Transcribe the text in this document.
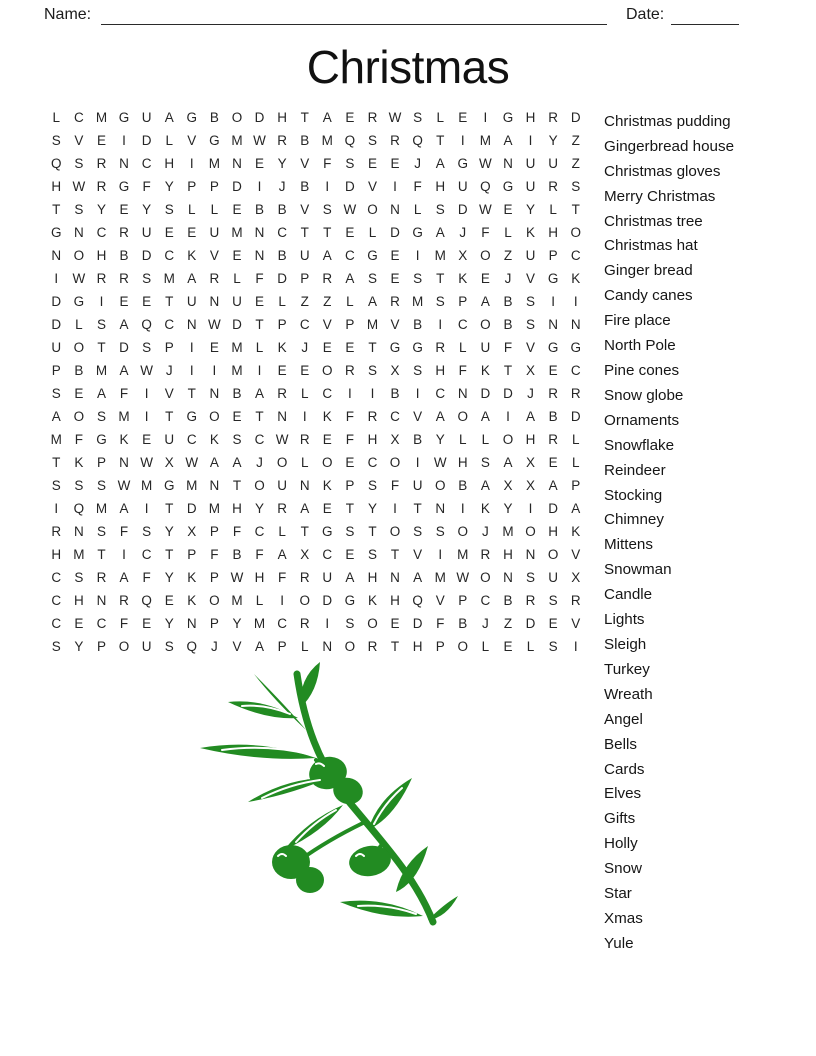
Name:	Date:
Christmas
L	C M G U A G B O D H	T	A	E R W S	L	E	I	G H R D
S	V	E	I	D	L	V G M W R B M Q S R Q T	I	M A	I	Y	Z
Q S R N C H	I	M N E	Y	V	F	S	E	E	J	A G W N U U	Z
H W R G F	Y	P	P D	I	J	B	I	D V	I	F	H U Q G U R S
T	S	Y	E	Y	S	L	L	E	B	B	V	S W O N	L	S D W E	Y	L	T
G N C R U E	E U M N C	T	T	E	L	D G A	J	F	L	K H O
N O H B D C K	V	E N B U A C G E	I	M X O Z	U P C
I	W R R S M A R	L	F	D P R A	S	E	S	T	K	E	J	V G K
D G	I	E	E	T	U N U E	L	Z	Z	L	A R M S	P	A	B	S	I	I
D	L	S	A Q C N W D	T	P C V	P M V	B	I	C O B	S N N
U O T	D S	P	I	E M L	K	J	E	E	T G G R	L	U	F	V G G
P	B M A W J	I	I	M	I	E	E O R S	X	S H	F	K	T	X	E C
S	E	A	F	I	V	T	N B	A R	L	C	I	I	B	I	C N D D	J	R R
A O S M	I	T G O E	T	N	I	K	F	R C V	A O A	I	A	B D
M F G K	E U C K	S C W R E	F	H X	B	Y	L	L	O H R	L
T	K	P N W X W A	A	J	O	L	O E C O	I	W H S	A	X	E	L
S	S	S W M G M N	T O U N K	P	S	F	U O B	A	X	X	A	P
I	Q M A	I	T	D M H Y R A	E	T	Y	I	T	N	I	K	Y	I	D A
R N S	F	S	Y	X	P	F	C	L	T G S	T O S	S O	J	M O H K
H M T	I	C	T	P	F	B	F	A	X C E	S	T	V	I	M R H N O V
C S R A	F	Y	K	P W H	F	R U A H N A M W O N S U X
C H N R Q E	K O M L	I	O D G K H Q V	P C B R S R
C E C	F	E	Y N P	Y M C R	I	S O E D	F	B	J	Z	D E	V
S	Y	P O U S Q	J	V	A	P	L	N O R	T	H P O	L	E	L	S	I
Christmas pudding
Gingerbread house
Christmas gloves
Merry Christmas
Christmas tree
Christmas hat
Ginger bread
Candy canes
Fire place
North Pole
Pine cones
Snow globe
Ornaments
Snowflake
Reindeer
Stocking
Chimney
Mittens
Snowman
Candle
Lights
Sleigh
Turkey
Wreath
Angel
Bells
Cards
Elves
Gifts
Holly
Snow
Star
Xmas
Yule
